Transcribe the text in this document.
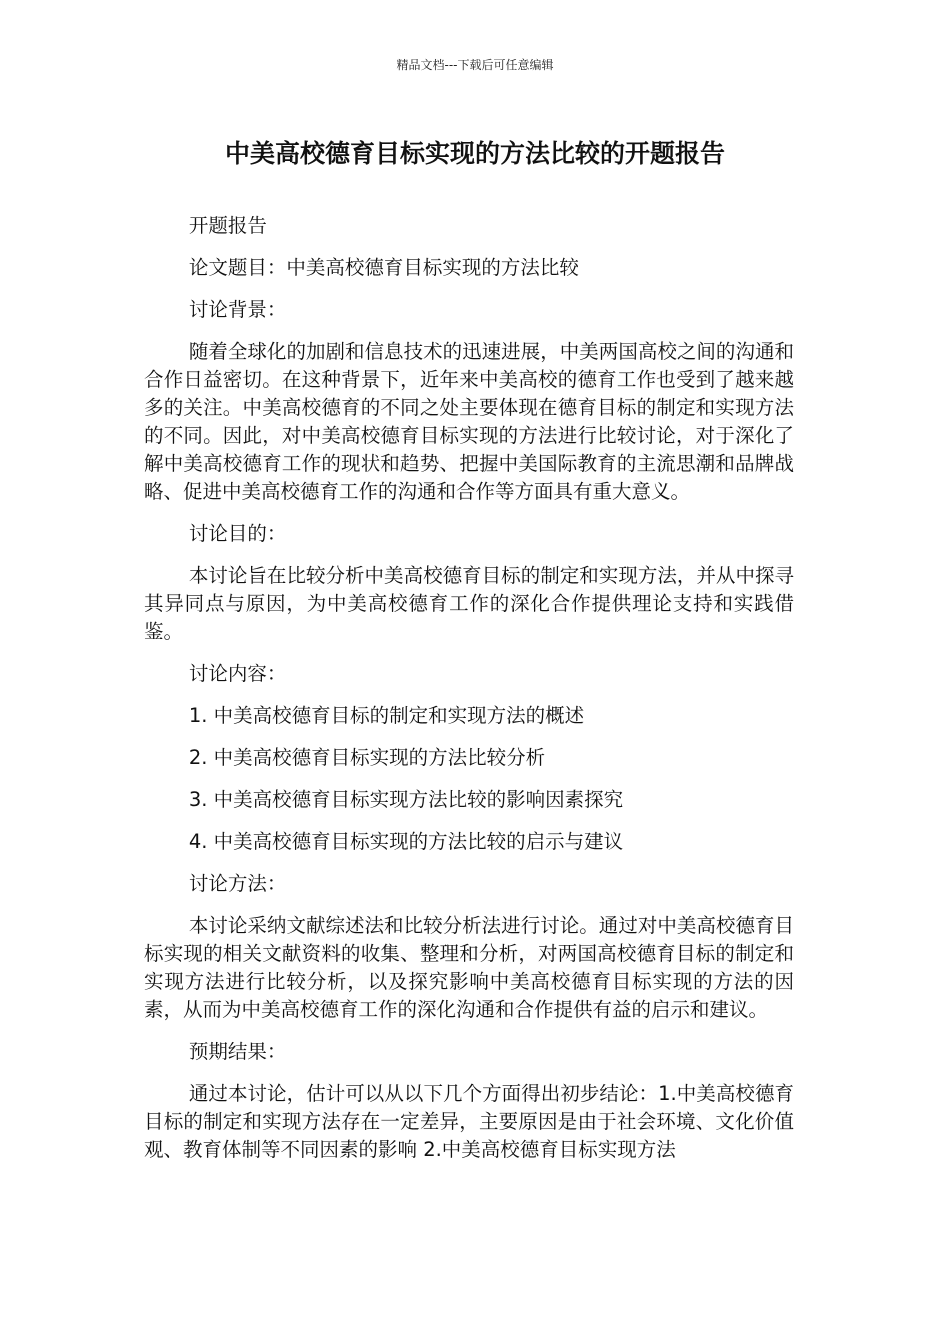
精品文档---下载后可任意编辑
中美高校德育目标实现的方法比较的开题报告

开题报告

论文题目：中美高校德育目标实现的方法比较

讨论背景：

随着全球化的加剧和信息技术的迅速进展，中美两国高校之间的沟通和合作日益密切。在这种背景下，近年来中美高校的德育工作也受到了越来越多的关注。中美高校德育的不同之处主要体现在德育目标的制定和实现方法的不同。因此，对中美高校德育目标实现的方法进行比较讨论，对于深化了解中美高校德育工作的现状和趋势、把握中美国际教育的主流思潮和品牌战略、促进中美高校德育工作的沟通和合作等方面具有重大意义。

讨论目的：

本讨论旨在比较分析中美高校德育目标的制定和实现方法，并从中探寻其异同点与原因，为中美高校德育工作的深化合作提供理论支持和实践借鉴。

讨论内容：

1. 中美高校德育目标的制定和实现方法的概述

2. 中美高校德育目标实现的方法比较分析

3. 中美高校德育目标实现方法比较的影响因素探究

4. 中美高校德育目标实现的方法比较的启示与建议

讨论方法：

本讨论采纳文献综述法和比较分析法进行讨论。通过对中美高校德育目标实现的相关文献资料的收集、整理和分析，对两国高校德育目标的制定和实现方法进行比较分析，以及探究影响中美高校德育目标实现的方法的因素，从而为中美高校德育工作的深化沟通和合作提供有益的启示和建议。

预期结果：

通过本讨论，估计可以从以下几个方面得出初步结论：1.中美高校德育目标的制定和实现方法存在一定差异，主要原因是由于社会环境、文化价值观、教育体制等不同因素的影响 2.中美高校德育目标实现方法
